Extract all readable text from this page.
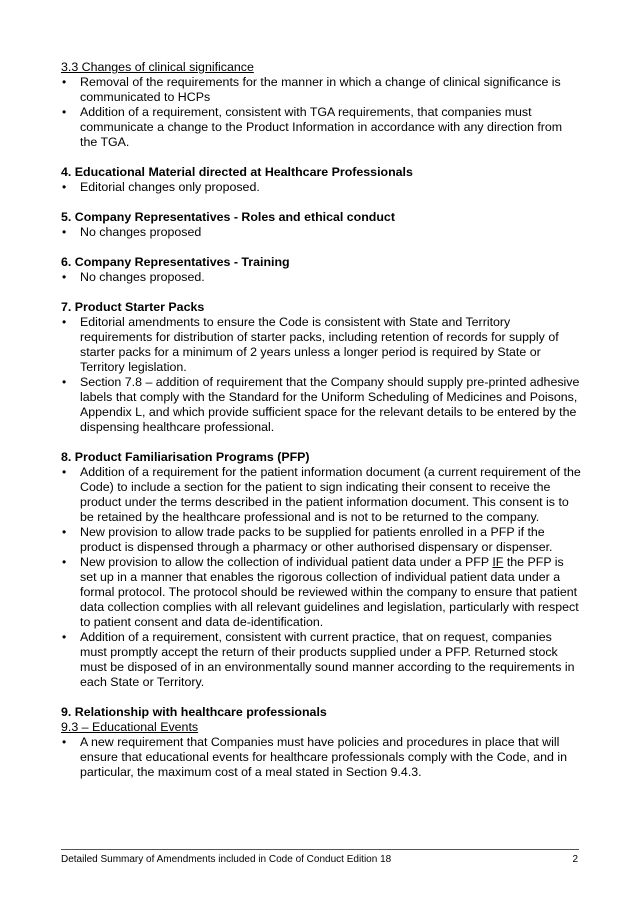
3.3 Changes of clinical significance

• Removal of the requirements for the manner in which a change of clinical significance is communicated to HCPs
• Addition of a requirement, consistent with TGA requirements, that companies must communicate a change to the Product Information in accordance with any direction from the TGA.

4. Educational Material directed at Healthcare Professionals

• Editorial changes only proposed.

5. Company Representatives - Roles and ethical conduct

• No changes proposed

6. Company Representatives - Training

• No changes proposed.

7. Product Starter Packs

• Editorial amendments to ensure the Code is consistent with State and Territory requirements for distribution of starter packs, including retention of records for supply of starter packs for a minimum of 2 years unless a longer period is required by State or Territory legislation.
• Section 7.8 – addition of requirement that the Company should supply pre-printed adhesive labels that comply with the Standard for the Uniform Scheduling of Medicines and Poisons, Appendix L, and which provide sufficient space for the relevant details to be entered by the dispensing healthcare professional.

8. Product Familiarisation Programs (PFP)

• Addition of a requirement for the patient information document (a current requirement of the Code) to include a section for the patient to sign indicating their consent to receive the product under the terms described in the patient information document. This consent is to be retained by the healthcare professional and is not to be returned to the company.
• New provision to allow trade packs to be supplied for patients enrolled in a PFP if the product is dispensed through a pharmacy or other authorised dispensary or dispenser.
• New provision to allow the collection of individual patient data under a PFP IF the PFP is set up in a manner that enables the rigorous collection of individual patient data under a formal protocol. The protocol should be reviewed within the company to ensure that patient data collection complies with all relevant guidelines and legislation, particularly with respect to patient consent and data de-identification.
• Addition of a requirement, consistent with current practice, that on request, companies must promptly accept the return of their products supplied under a PFP. Returned stock must be disposed of in an environmentally sound manner according to the requirements in each State or Territory.

9. Relationship with healthcare professionals

9.3 – Educational Events

• A new requirement that Companies must have policies and procedures in place that will ensure that educational events for healthcare professionals comply with the Code, and in particular, the maximum cost of a meal stated in Section 9.4.3.
Detailed Summary of Amendments included in Code of Conduct Edition 18	2
